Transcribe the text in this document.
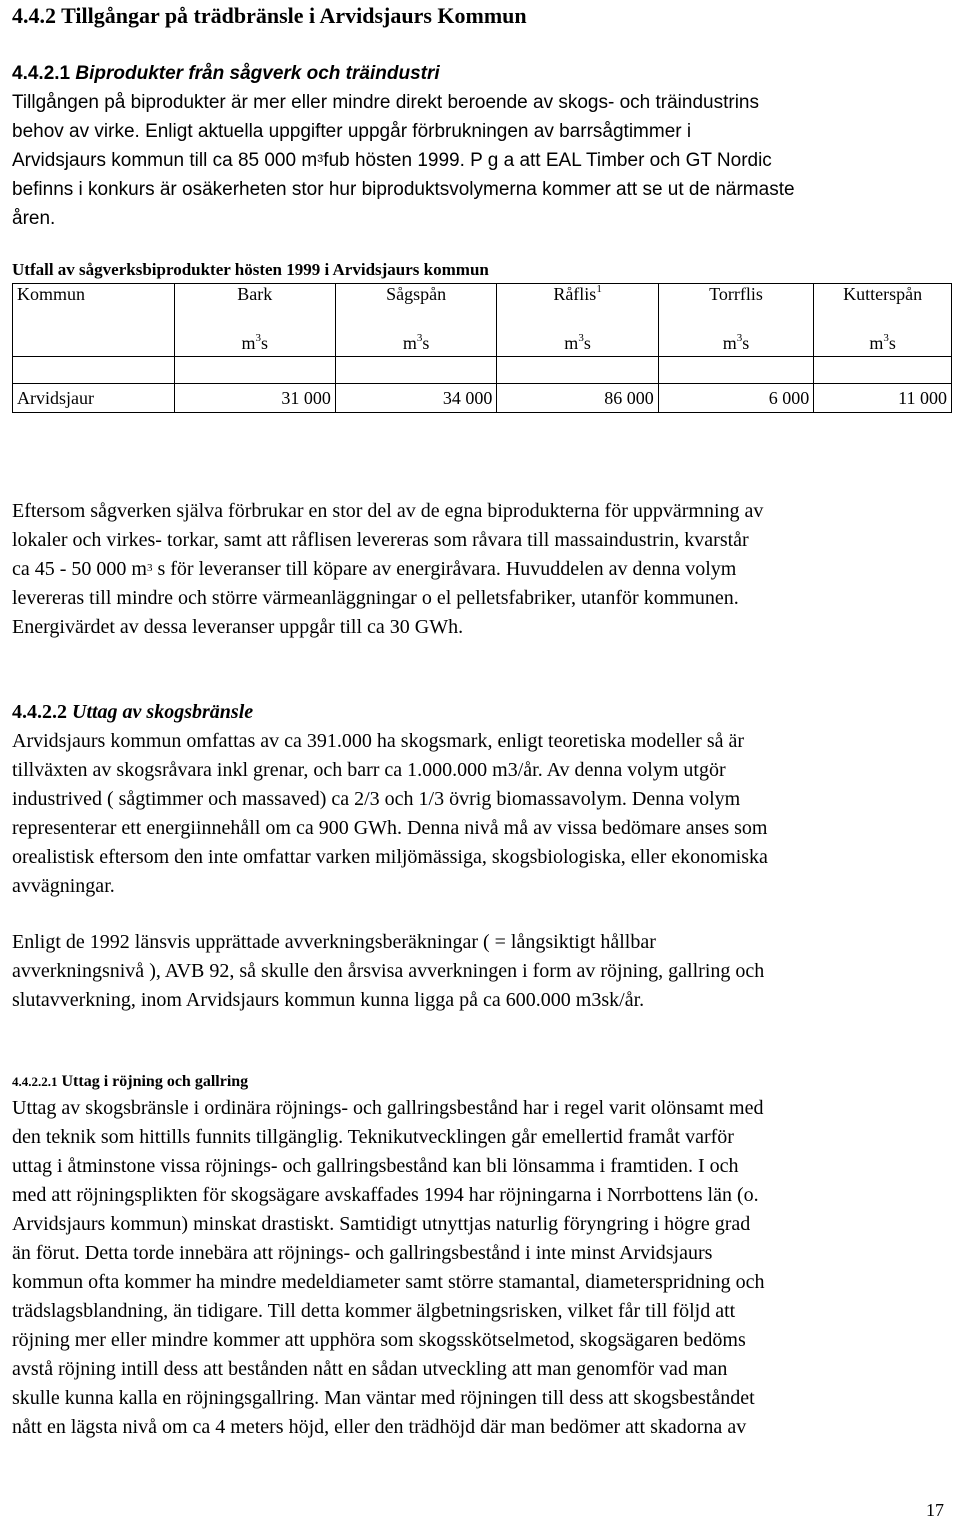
4.4.2 Tillgångar på trädbränsle i Arvidsjaurs Kommun
4.4.2.1 Biprodukter från sågverk och träindustri
Tillgången på biprodukter är mer eller mindre direkt beroende av skogs- och träindustrins
behov av virke. Enligt aktuella uppgifter uppgår förbrukningen av barrsågtimmer i
Arvidsjaurs kommun till ca 85 000 $m^3fub$ hösten 1999. P g a att EAL Timber och GT Nordic
befinns i konkurs är osäkerheten stor hur biproduktsvolymerna kommer att se ut de närmaste
åren.
Utfall av sågverksbiprodukter hösten 1999 i Arvidsjaurs kommun
Kommun	Bark	Sågspån	Råflis$^1$	Torrflis	Kutterspån
	$m^3s$	$m^3s$	$m^3s$	$m^3s$	$m^3s$

Arvidsjaur	31 000	34 000	86 000	6 000	11 000
Eftersom sågverken själva förbrukar en stor del av de egna biprodukterna för uppvärmning av
lokaler och virkes- torkar, samt att råflisen levereras som råvara till massaindustrin, kvarstår
ca 45 - 50 000 $m^3$ s för leveranser till köpare av energiråvara. Huvuddelen av denna volym
levereras till mindre och större värmeanläggningar o el pelletsfabriker, utanför kommunen.
Energivärdet av dessa leveranser uppgår till ca 30 GWh.
4.4.2.2 Uttag av skogsbränsle
Arvidsjaurs kommun omfattas av ca 391.000 ha skogsmark, enligt teoretiska modeller så är
tillväxten av skogsråvara inkl grenar, och barr ca 1.000.000 m3/år. Av denna volym utgör
industrived ( sågtimmer och massaved) ca 2/3 och 1/3 övrig biomassavolym. Denna volym
representerar ett energiinnehåll om ca 900 GWh. Denna nivå må av vissa bedömare anses som
orealistisk eftersom den inte omfattar varken miljömässiga, skogsbiologiska, eller ekonomiska
avvägningar.
Enligt de 1992 länsvis upprättade avverkningsberäkningar ( = långsiktigt hållbar
avverkningsnivå ), AVB 92, så skulle den årsvisa avverkningen i form av röjning, gallring och
slutavverkning, inom Arvidsjaurs kommun kunna ligga på ca 600.000 m3sk/år.
4.4.2.2.1 Uttag i röjning och gallring
Uttag av skogsbränsle i ordinära röjnings- och gallringsbestånd har i regel varit olönsamt med
den teknik som hittills funnits tillgänglig. Teknikutvecklingen går emellertid framåt varför
uttag i åtminstone vissa röjnings- och gallringsbestånd kan bli lönsamma i framtiden. I och
med att röjningsplikten för skogsägare avskaffades 1994 har röjningarna i Norrbottens län (o.
Arvidsjaurs kommun) minskat drastiskt. Samtidigt utnyttjas naturlig föryngring i högre grad
än förut. Detta torde innebära att röjnings- och gallringsbestånd i inte minst Arvidsjaurs
kommun ofta kommer ha mindre medeldiameter samt större stamantal, diameterspridning och
trädslagsblandning, än tidigare. Till detta kommer älgbetningsrisken, vilket får till följd att
röjning mer eller mindre kommer att upphöra som skogsskötselmetod, skogsägaren bedöms
avstå röjning intill dess att bestånden nått en sådan utveckling att man genomför vad man
skulle kunna kalla en röjningsgallring. Man väntar med röjningen till dess att skogsbeståndet
nått en lägsta nivå om ca 4 meters höjd, eller den trädhöjd där man bedömer att skadorna av
17
